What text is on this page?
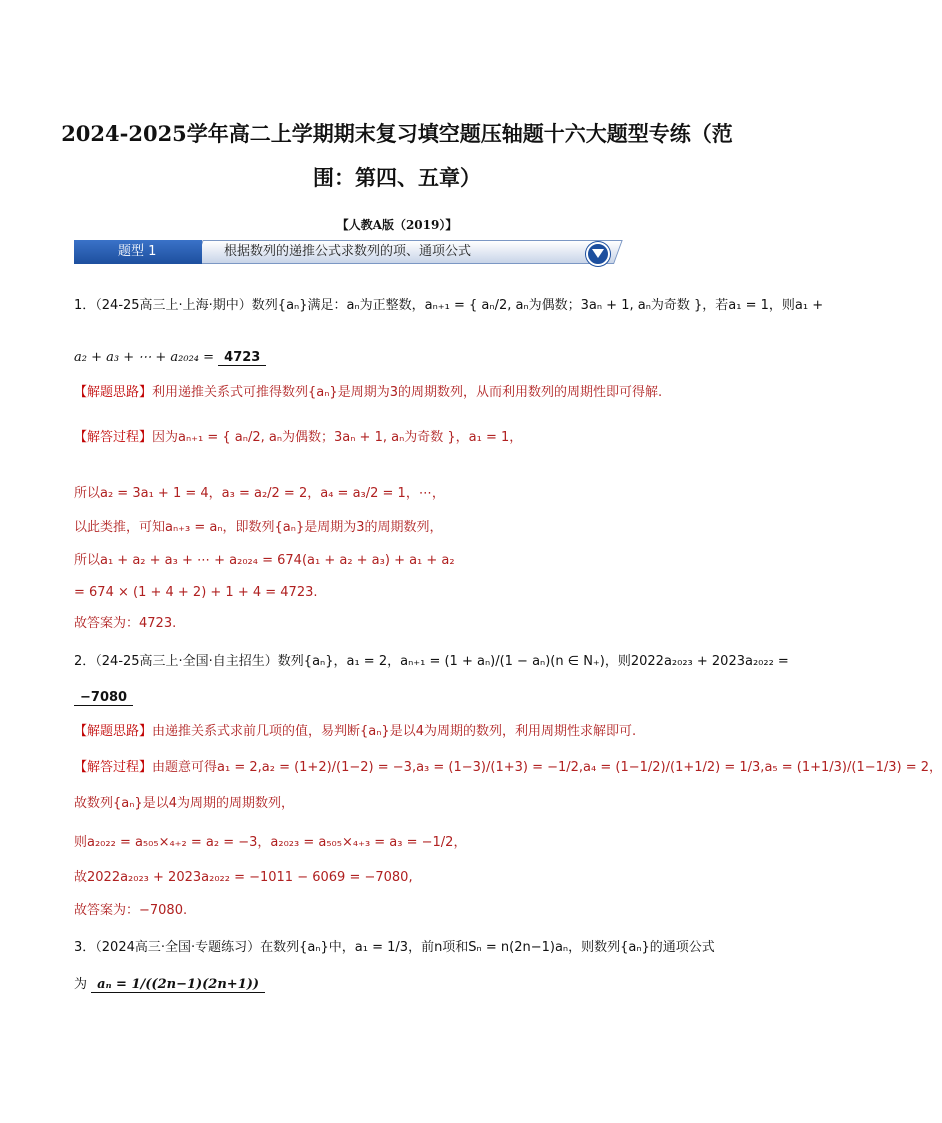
2024-2025学年高二上学期期末复习填空题压轴题十六大题型专练（范
围：第四、五章）
【人教A版（2019）】
题型 1	根据数列的递推公式求数列的项、通项公式
1．（24-25高三上·上海·期中）数列{aₙ}满足：aₙ为正整数，aₙ₊₁ = { aₙ/2, aₙ为偶数；3aₙ + 1, aₙ为奇数 }，若a₁ = 1，则a₁ +
a₂ + a₃ + ⋯ + a₂₀₂₄ = 4723
【解题思路】利用递推关系式可推得数列{aₙ}是周期为3的周期数列，从而利用数列的周期性即可得解.
【解答过程】因为aₙ₊₁ = { aₙ/2, aₙ为偶数；3aₙ + 1, aₙ为奇数 }，a₁ = 1，
所以a₂ = 3a₁ + 1 = 4，a₃ = a₂/2 = 2，a₄ = a₃/2 = 1，⋯，
以此类推，可知aₙ₊₃ = aₙ，即数列{aₙ}是周期为3的周期数列，
所以a₁ + a₂ + a₃ + ⋯ + a₂₀₂₄ = 674(a₁ + a₂ + a₃) + a₁ + a₂
= 674 × (1 + 4 + 2) + 1 + 4 = 4723.
故答案为：4723.
2．（24-25高三上·全国·自主招生）数列{aₙ}，a₁ = 2，aₙ₊₁ = (1 + aₙ)/(1 − aₙ)(n ∈ N₊)，则2022a₂₀₂₃ + 2023a₂₀₂₂ =
−7080
【解题思路】由递推关系式求前几项的值，易判断{aₙ}是以4为周期的数列，利用周期性求解即可.
【解答过程】由题意可得a₁ = 2,a₂ = (1+2)/(1−2) = −3,a₃ = (1−3)/(1+3) = −1/2,a₄ = (1−1/2)/(1+1/2) = 1/3,a₅ = (1+1/3)/(1−1/3) = 2，
故数列{aₙ}是以4为周期的周期数列，
则a₂₀₂₂ = a₅₀₅×₄₊₂ = a₂ = −3，a₂₀₂₃ = a₅₀₅×₄₊₃ = a₃ = −1/2，
故2022a₂₀₂₃ + 2023a₂₀₂₂ = −1011 − 6069 = −7080,
故答案为：−7080.
3．（2024高三·全国·专题练习）在数列{aₙ}中，a₁ = 1/3，前n项和Sₙ = n(2n−1)aₙ，则数列{aₙ}的通项公式
为 aₙ = 1/((2n−1)(2n+1))
